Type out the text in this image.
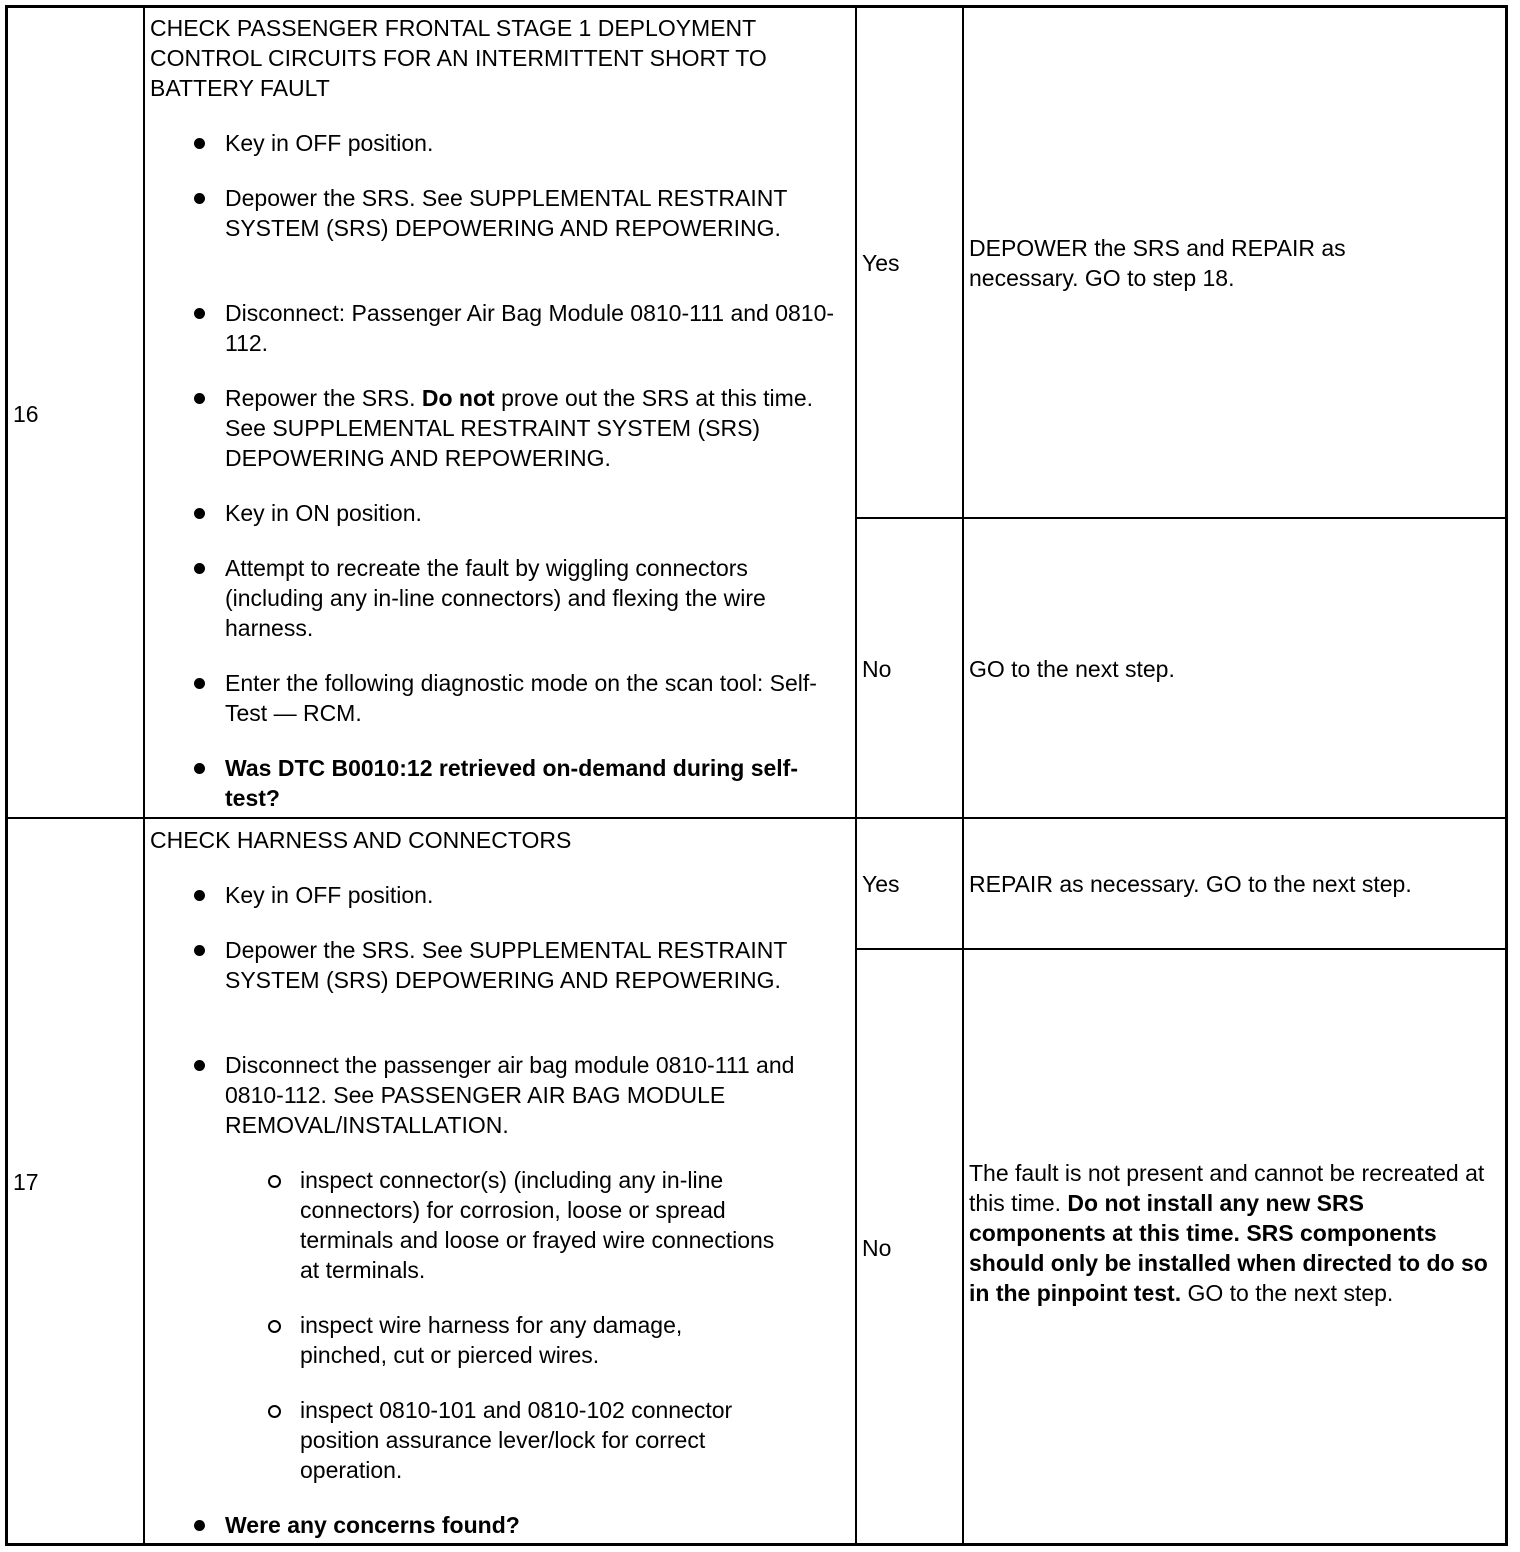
16
CHECK PASSENGER FRONTAL STAGE 1 DEPLOYMENT CONTROL CIRCUITS FOR AN INTERMITTENT SHORT TO BATTERY FAULT
Key in OFF position.
Depower the SRS. See SUPPLEMENTAL RESTRAINT SYSTEM (SRS) DEPOWERING AND REPOWERING.
Disconnect: Passenger Air Bag Module 0810-111 and 0810-112.
Repower the SRS. Do not prove out the SRS at this time. See SUPPLEMENTAL RESTRAINT SYSTEM (SRS) DEPOWERING AND REPOWERING.
Key in ON position.
Attempt to recreate the fault by wiggling connectors (including any in-line connectors) and flexing the wire harness.
Enter the following diagnostic mode on the scan tool: Self-Test — RCM.
Was DTC B0010:12 retrieved on-demand during self-test?
Yes
DEPOWER the SRS and REPAIR as necessary. GO to step 18.
No	GO to the next step.
17
CHECK HARNESS AND CONNECTORS
Key in OFF position.
Depower the SRS. See SUPPLEMENTAL RESTRAINT SYSTEM (SRS) DEPOWERING AND REPOWERING.
Disconnect the passenger air bag module 0810-111 and 0810-112. See PASSENGER AIR BAG MODULE REMOVAL/INSTALLATION.
inspect connector(s) (including any in-line connectors) for corrosion, loose or spread terminals and loose or frayed wire connections at terminals.
inspect wire harness for any damage, pinched, cut or pierced wires.
inspect 0810-101 and 0810-102 connector position assurance lever/lock for correct operation.
Were any concerns found?
Yes	REPAIR as necessary. GO to the next step.
No
The fault is not present and cannot be recreated at this time. Do not install any new SRS components at this time. SRS components should only be installed when directed to do so in the pinpoint test. GO to the next step.
